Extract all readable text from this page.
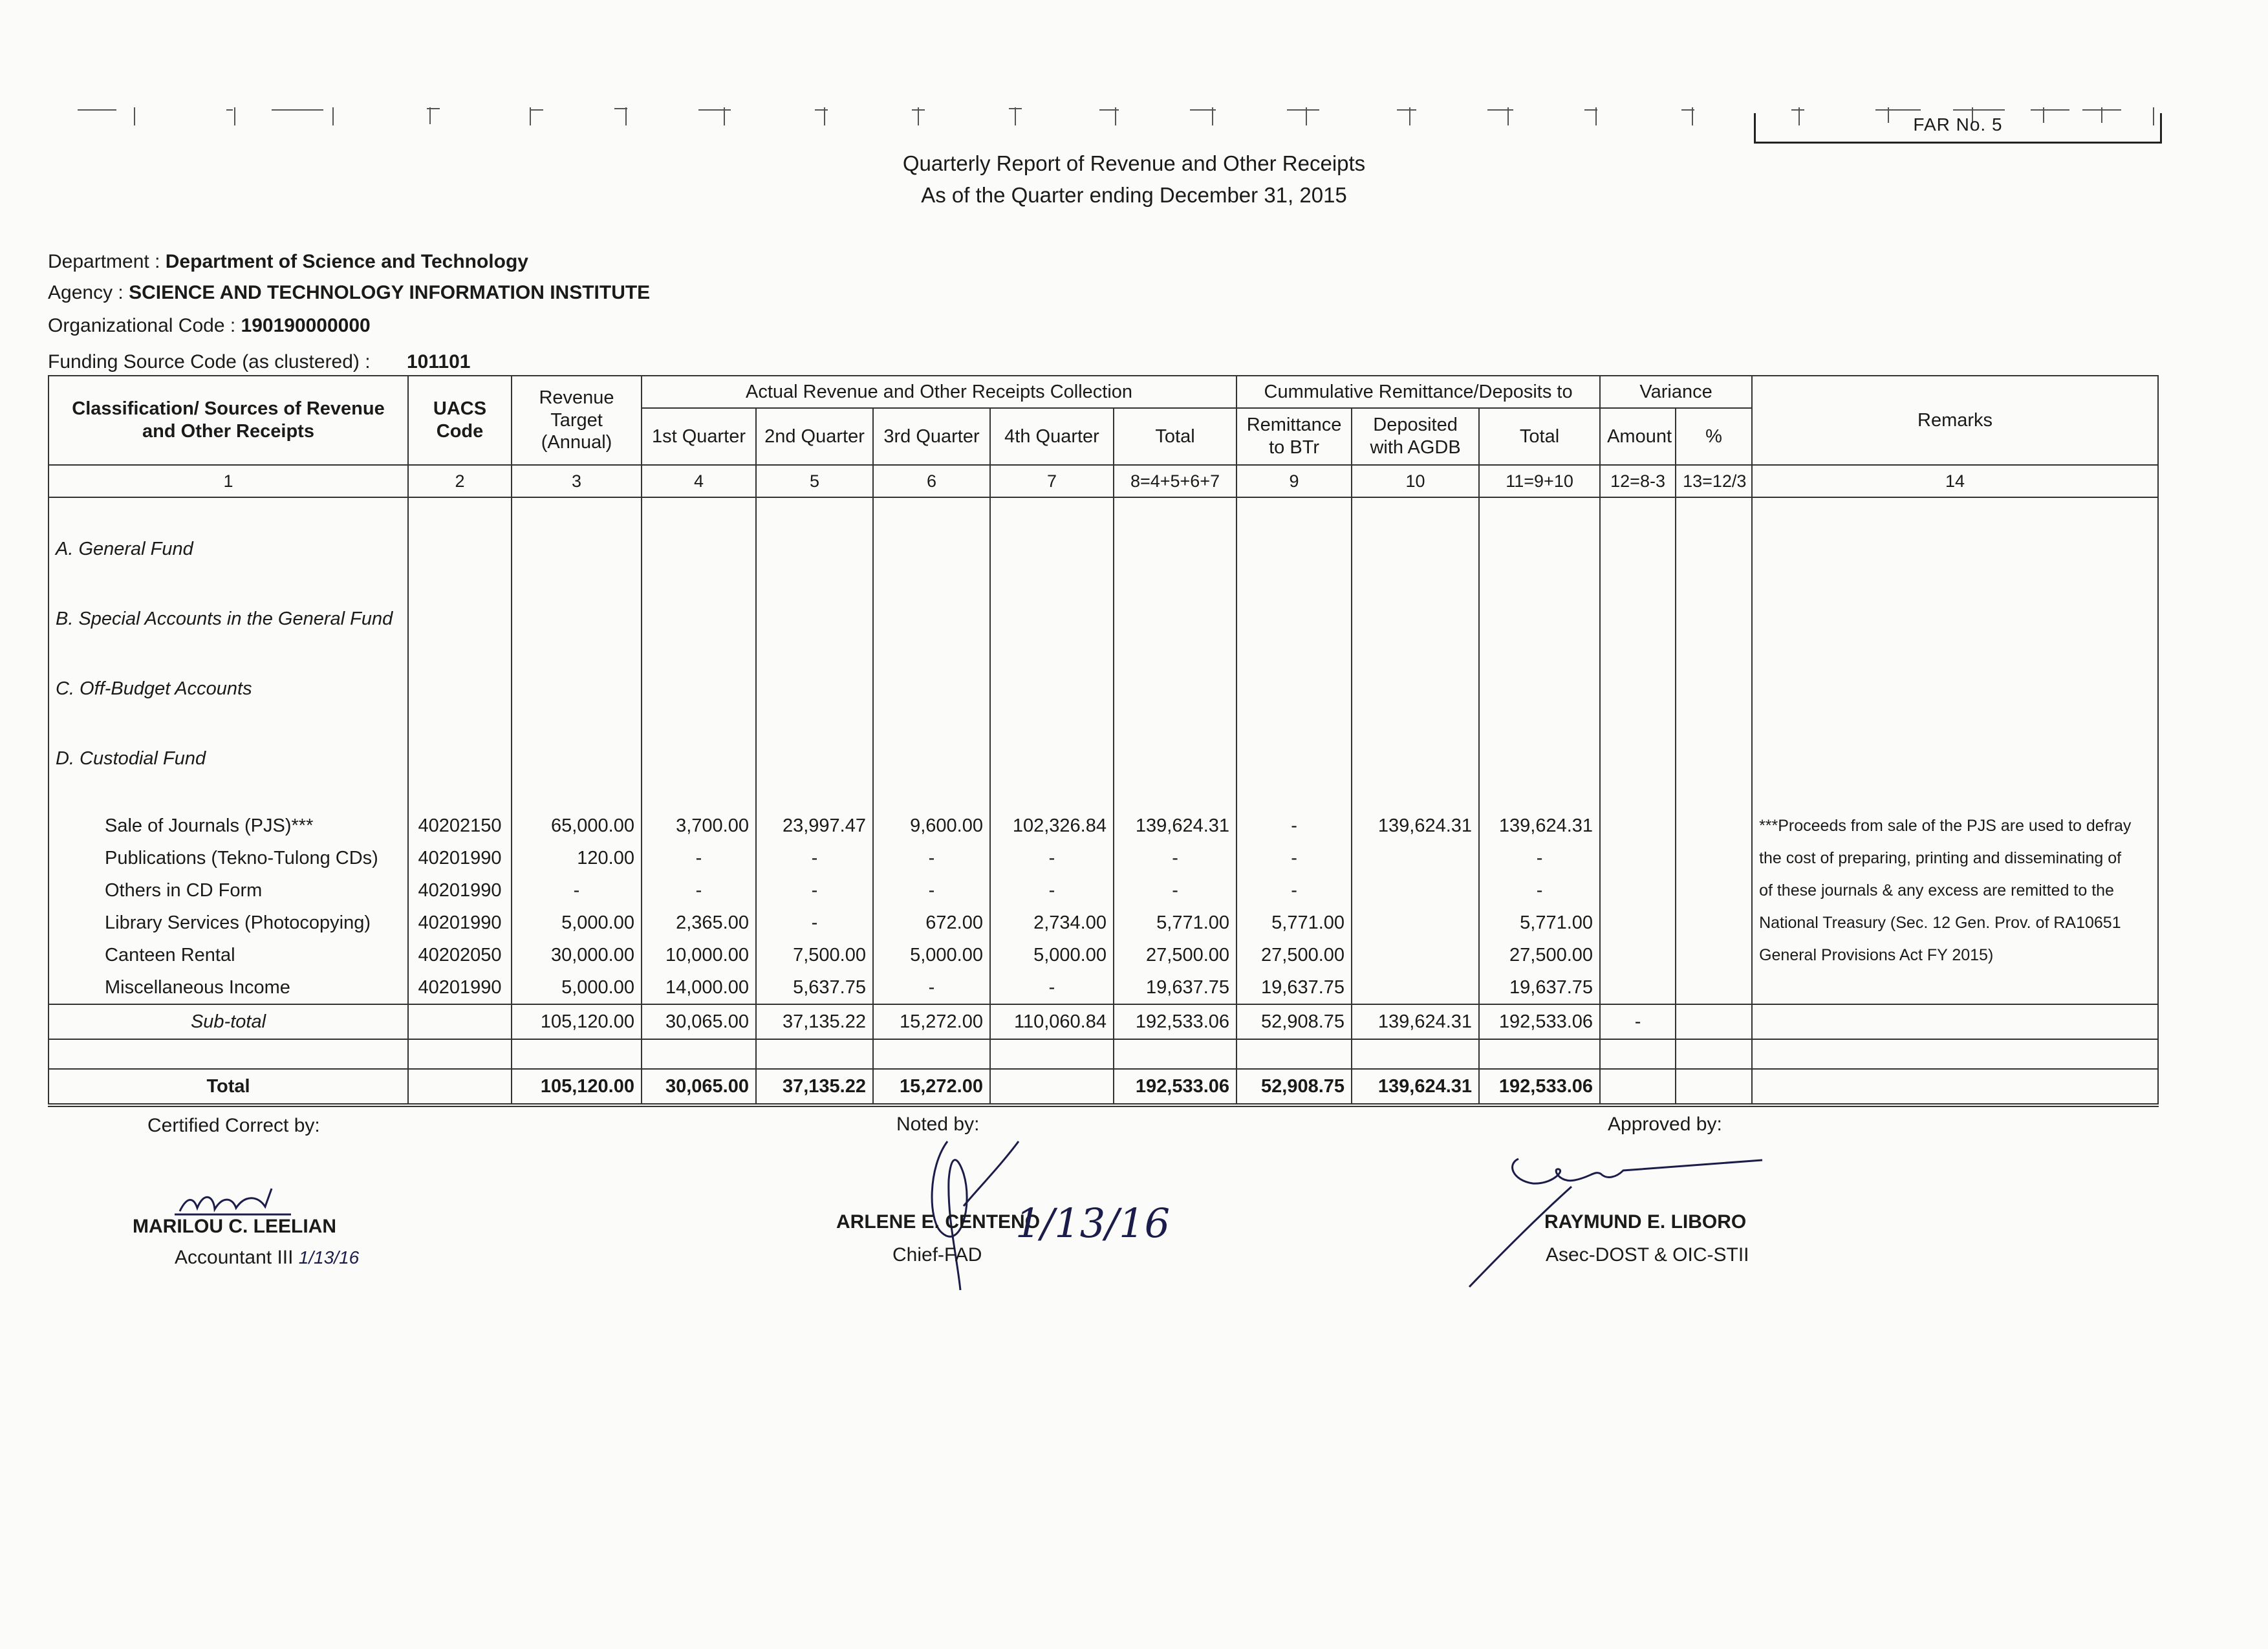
FAR No. 5
Quarterly Report of Revenue and Other Receipts
As of the Quarter ending December 31, 2015
Department : Department of Science and Technology
Agency : SCIENCE AND TECHNOLOGY INFORMATION INSTITUTE
Organizational Code : 190190000000
Funding Source Code (as clustered) : 101101
Classification/ Sources of Revenue and Other Receipts	UACS Code	Revenue Target (Annual)	Actual Revenue and Other Receipts Collection					Cummulative Remittance/Deposits to			Variance		Remarks
			1st Quarter	2nd Quarter	3rd Quarter	4th Quarter	Total	Remittance to BTr	Deposited with AGDB	Total	Amount	%	
1	2	3	4	5	6	7	8=4+5+6+7	9	10	11=9+10	12=8-3	13=12/3	14

A. General Fund													

B. Special Accounts in the General Fund													

C. Off-Budget Accounts													

D. Custodial Fund													

Sale of Journals (PJS)***	40202150	65,000.00	3,700.00	23,997.47	9,600.00	102,326.84	139,624.31	-	139,624.31	139,624.31			***Proceeds from sale of the PJS are used to defray
Publications (Tekno-Tulong CDs)	40201990	120.00	-	-	-	-	-	-		-			the cost of preparing, printing and disseminating of
Others in CD Form	40201990	-	-	-	-	-	-	-		-			of these journals & any excess are remitted to the
Library Services (Photocopying)	40201990	5,000.00	2,365.00	-	672.00	2,734.00	5,771.00	5,771.00		5,771.00			National Treasury (Sec. 12 Gen. Prov. of RA10651
Canteen Rental	40202050	30,000.00	10,000.00	7,500.00	5,000.00	5,000.00	27,500.00	27,500.00		27,500.00			General Provisions Act FY 2015)
Miscellaneous Income	40201990	5,000.00	14,000.00	5,637.75	-	-	19,637.75	19,637.75		19,637.75			
Sub-total		105,120.00	30,065.00	37,135.22	15,272.00	110,060.84	192,533.06	52,908.75	139,624.31	192,533.06	-		

Total		105,120.00	30,065.00	37,135.22	15,272.00		192,533.06	52,908.75	139,624.31	192,533.06			
Certified Correct by:
MARILOU C. LEELIAN
Accountant III 1/13/16
Noted by:
ARLENE E. CENTENO
Chief-FAD
1/13/16
Approved by:
RAYMUND E. LIBORO
Asec-DOST & OIC-STII
